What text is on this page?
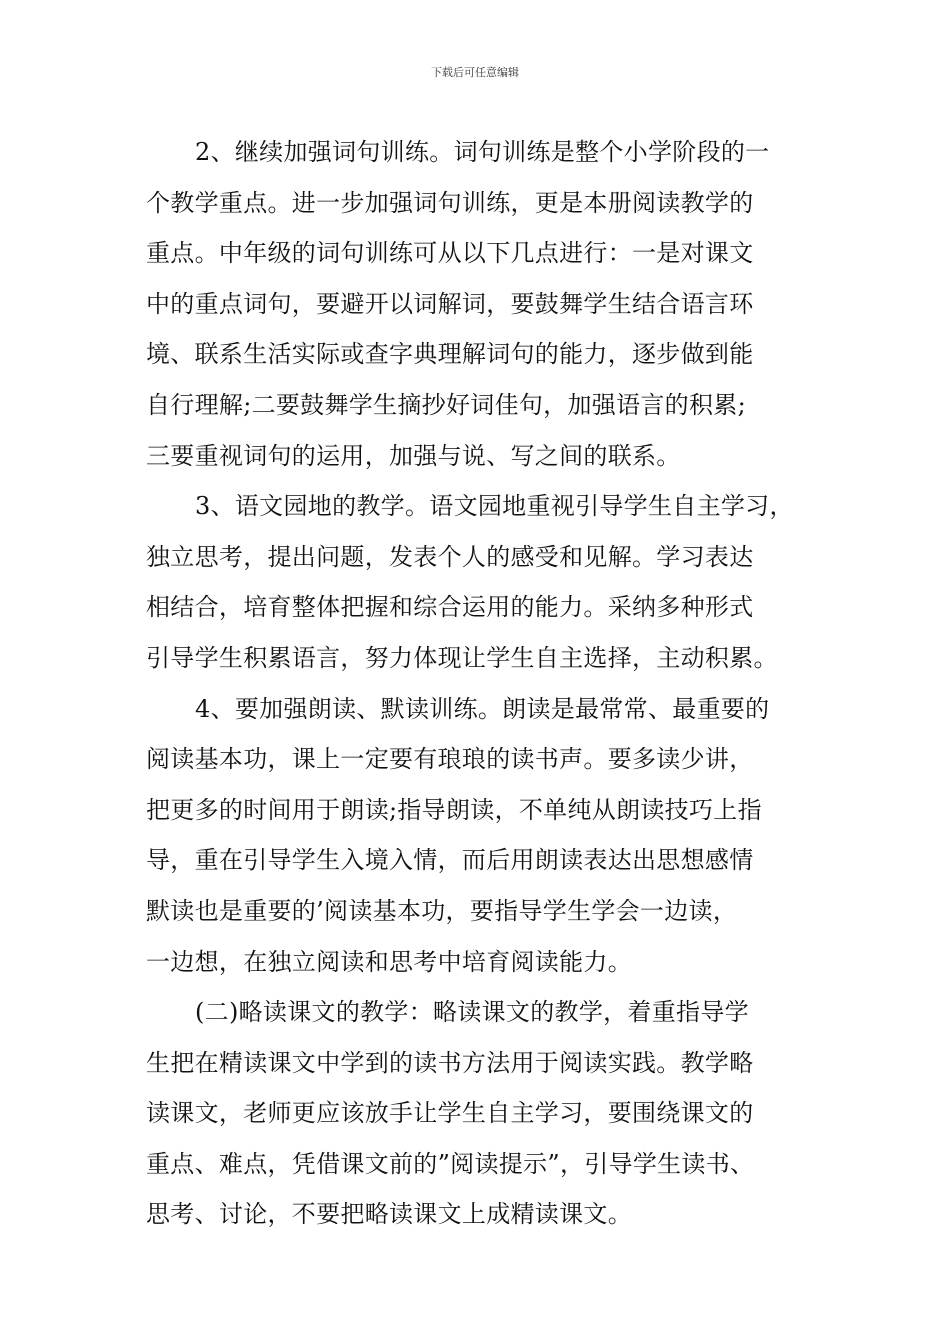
下载后可任意编辑
2、继续加强词句训练。词句训练是整个小学阶段的一
个教学重点。进一步加强词句训练，更是本册阅读教学的
重点。中年级的词句训练可从以下几点进行：一是对课文
中的重点词句，要避开以词解词，要鼓舞学生结合语言环
境、联系生活实际或查字典理解词句的能力，逐步做到能
自行理解;二要鼓舞学生摘抄好词佳句，加强语言的积累;
三要重视词句的运用，加强与说、写之间的联系。
3、语文园地的教学。语文园地重视引导学生自主学习，
独立思考，提出问题，发表个人的感受和见解。学习表达
相结合，培育整体把握和综合运用的能力。采纳多种形式
引导学生积累语言，努力体现让学生自主选择，主动积累。
4、要加强朗读、默读训练。朗读是最常常、最重要的
阅读基本功，课上一定要有琅琅的读书声。要多读少讲，
把更多的时间用于朗读;指导朗读，不单纯从朗读技巧上指
导，重在引导学生入境入情，而后用朗读表达出思想感情
默读也是重要的’阅读基本功，要指导学生学会一边读，
一边想，在独立阅读和思考中培育阅读能力。
(二)略读课文的教学：略读课文的教学，着重指导学
生把在精读课文中学到的读书方法用于阅读实践。教学略
读课文，老师更应该放手让学生自主学习，要围绕课文的
重点、难点，凭借课文前的”阅读提示”，引导学生读书、
思考、讨论，不要把略读课文上成精读课文。
